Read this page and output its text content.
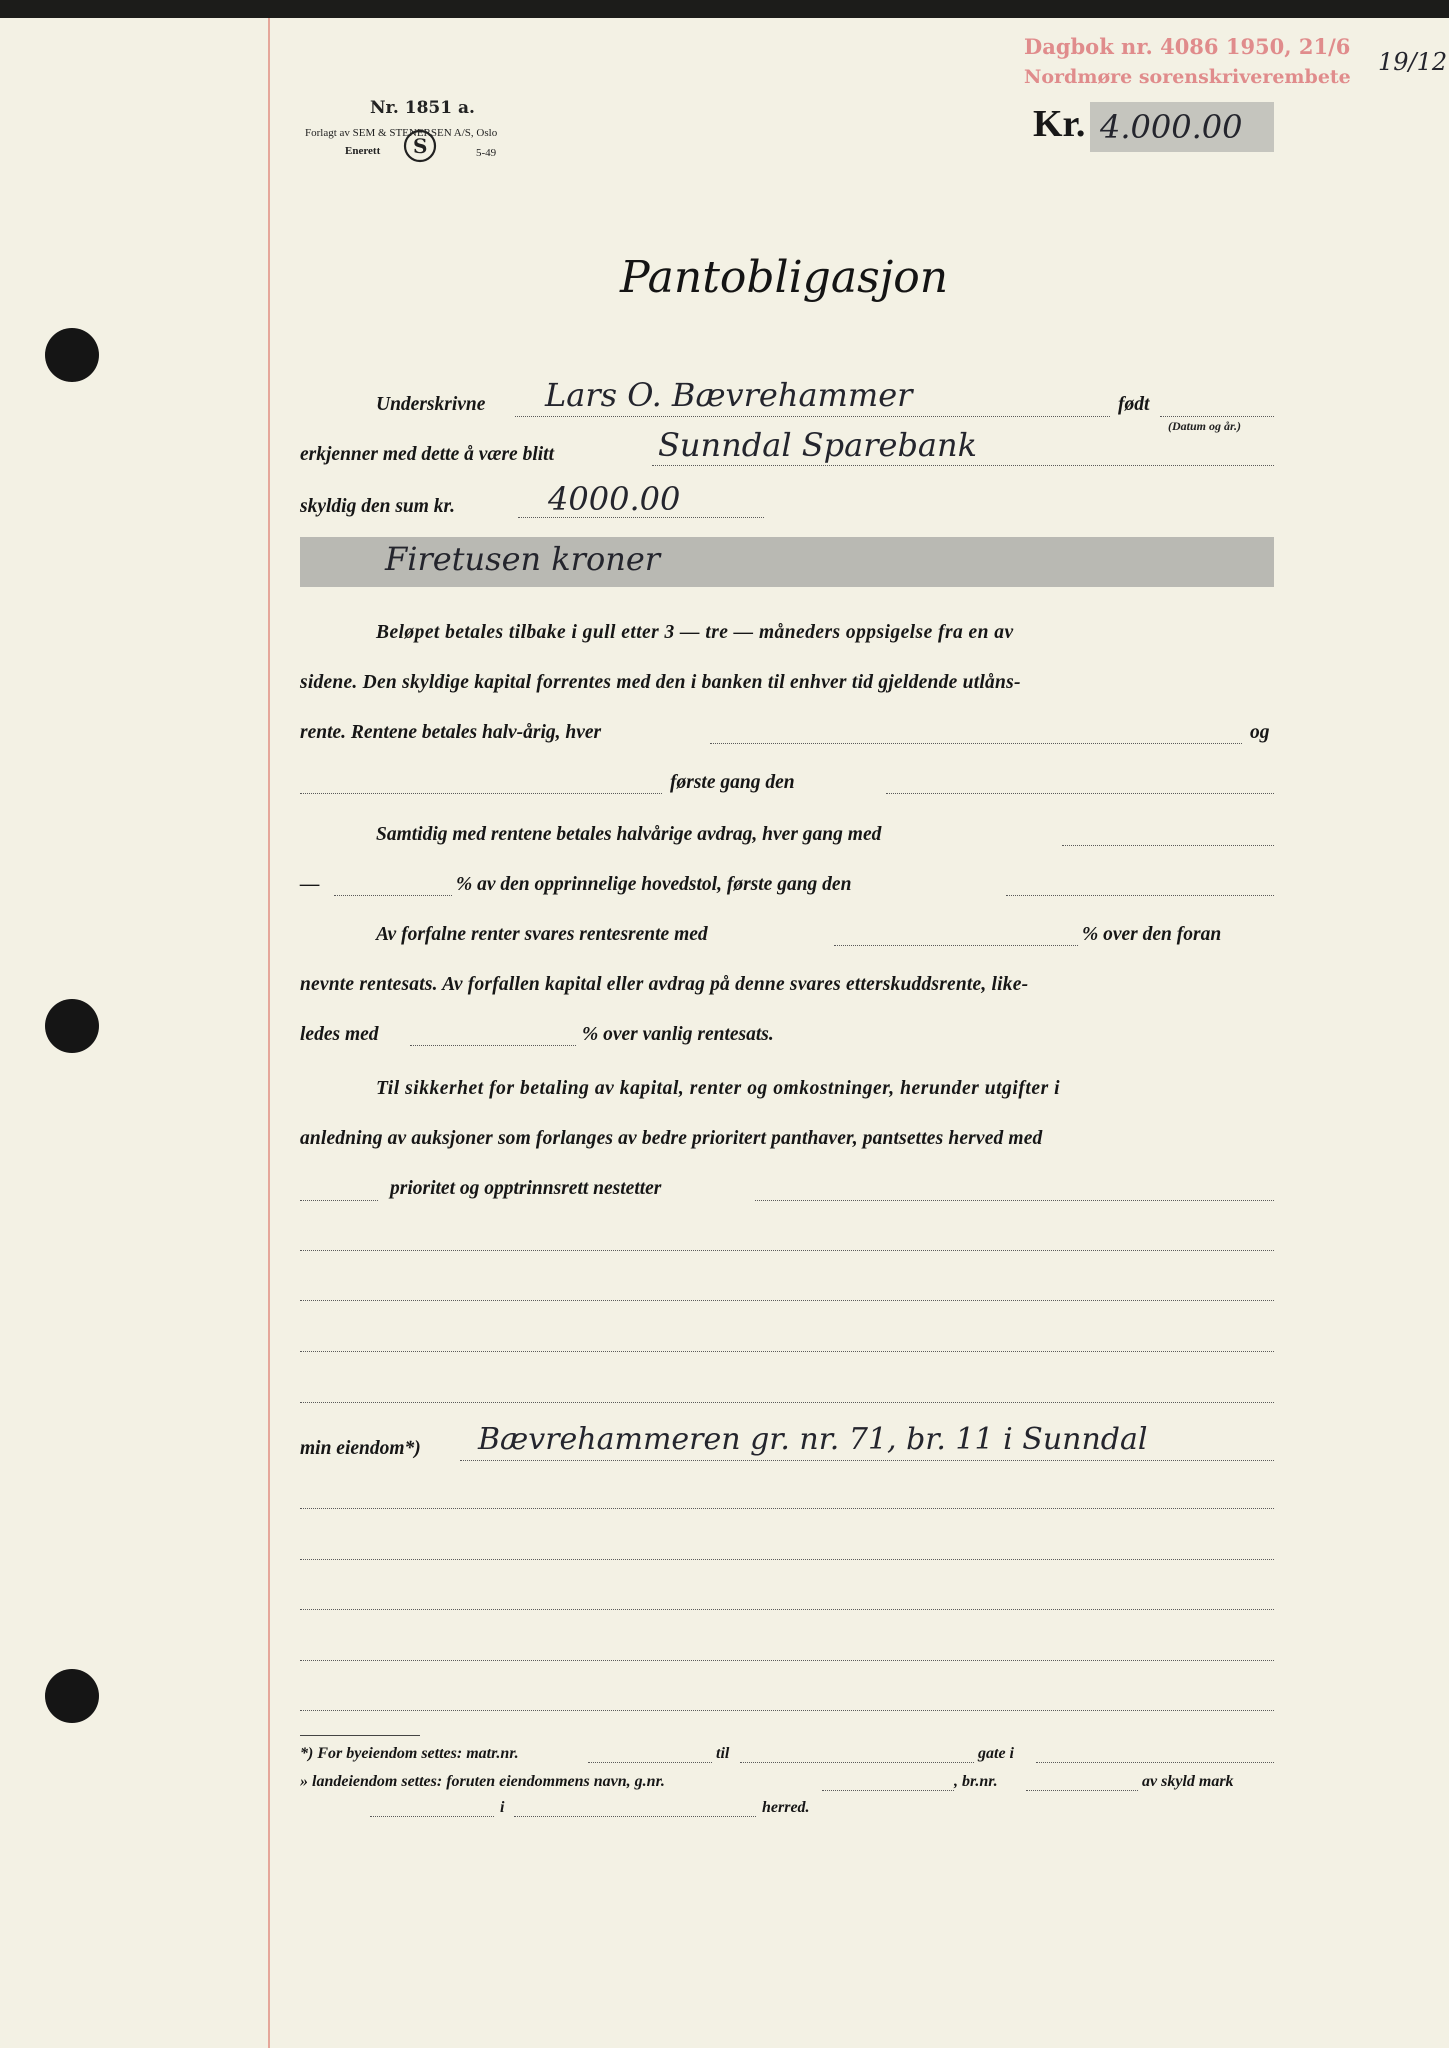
Dagbok nr. 4086 1950, 21/6
Nordmøre sorenskriverembete
19/12
Nr. 1851 a.
Forlagt av SEM & STENERSEN A/S, Oslo
Enerett	5-49
S
Kr. 4.000.00
Pantobligasjon
Underskrivne Lars O. Bævrehammer	født
(Datum og år.)
erkjenner med dette å være blitt	Sunndal Sparebank
skyldig den sum kr.	4000.00
Firetusen kroner
Beløpet betales tilbake i gull etter 3 — tre — måneders oppsigelse fra en av
sidene. Den skyldige kapital forrentes med den i banken til enhver tid gjeldende utlåns-
rente. Rentene betales halv-årig, hver	og
første gang den
Samtidig med rentene betales halvårige avdrag, hver gang med
—	% av den opprinnelige hovedstol, første gang den
Av forfalne renter svares rentesrente med	% over den foran
nevnte rentesats. Av forfallen kapital eller avdrag på denne svares etterskuddsrente, like-
ledes med	% over vanlig rentesats.
Til sikkerhet for betaling av kapital, renter og omkostninger, herunder utgifter i
anledning av auksjoner som forlanges av bedre prioritert panthaver, pantsettes herved med
prioritet og opptrinnsrett nestetter
min eiendom*) Bævrehammeren gr. nr. 71, br. 11 i Sunndal
*) For byeiendom settes: matr.nr.	til	gate i
» landeiendom settes: foruten eiendommens navn, g.nr.	, br.nr.	av skyld mark
i	herred.
